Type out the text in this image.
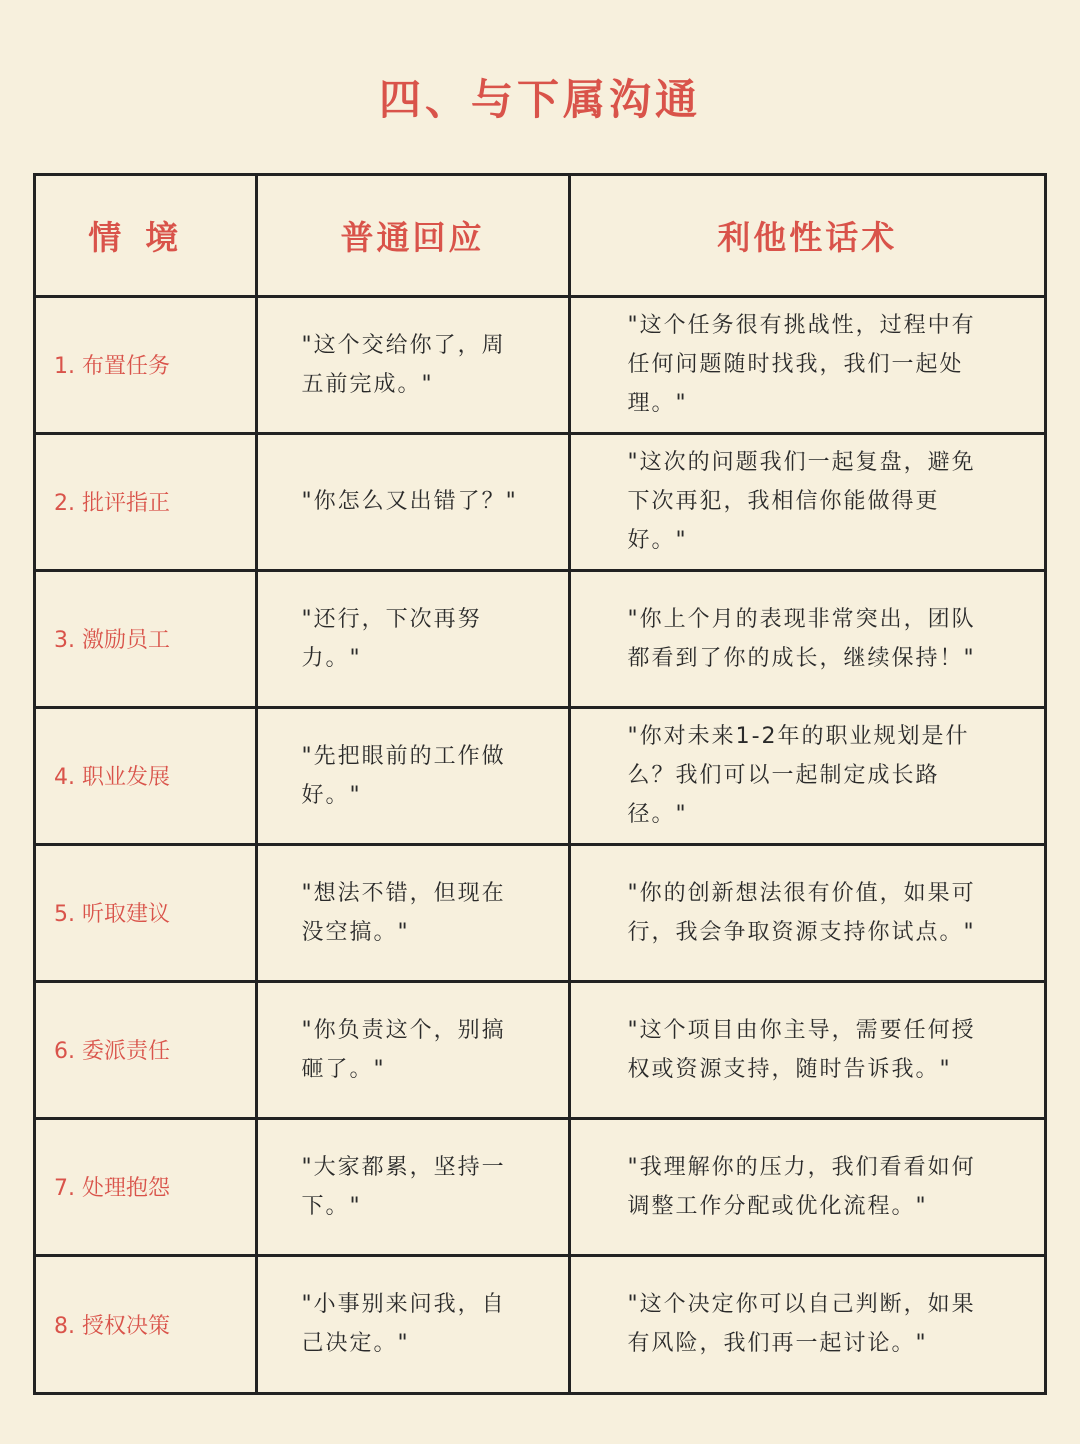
四、与下属沟通
情境	普通回应	利他性话术
1. 布置任务	"这个交给你了，周五前完成。"	"这个任务很有挑战性，过程中有任何问题随时找我，我们一起处理。"
2. 批评指正	"你怎么又出错了？"	"这次的问题我们一起复盘，避免下次再犯，我相信你能做得更好。"
3. 激励员工	"还行，下次再努力。"	"你上个月的表现非常突出，团队都看到了你的成长，继续保持！"
4. 职业发展	"先把眼前的工作做好。"	"你对未来1-2年的职业规划是什么？我们可以一起制定成长路径。"
5. 听取建议	"想法不错，但现在没空搞。"	"你的创新想法很有价值，如果可行，我会争取资源支持你试点。"
6. 委派责任	"你负责这个，别搞砸了。"	"这个项目由你主导，需要任何授权或资源支持，随时告诉我。"
7. 处理抱怨	"大家都累，坚持一下。"	"我理解你的压力，我们看看如何调整工作分配或优化流程。"
8. 授权决策	"小事别来问我，自己决定。"	"这个决定你可以自己判断，如果有风险，我们再一起讨论。"
